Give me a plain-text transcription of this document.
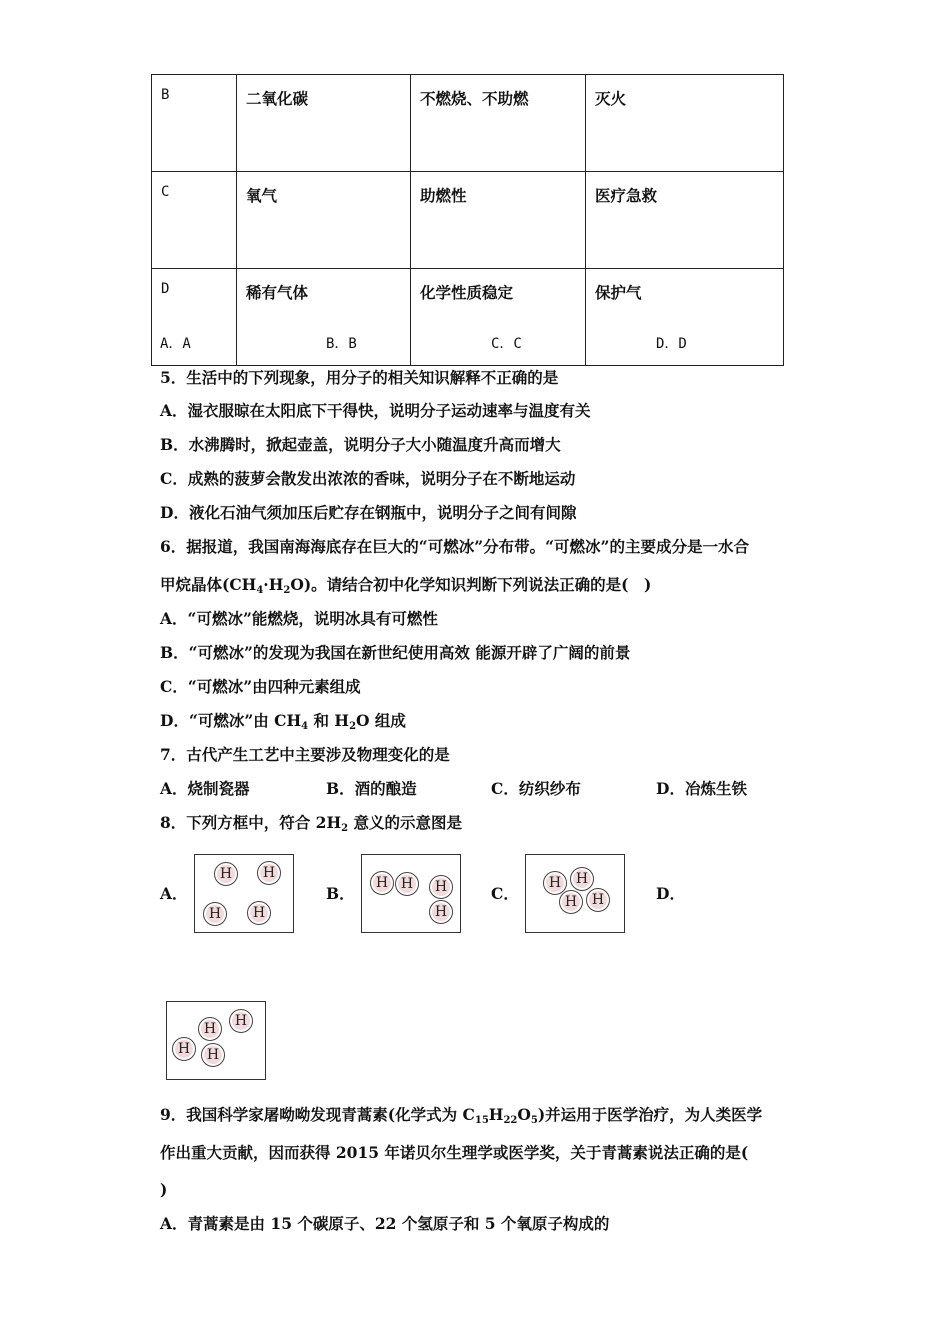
B	二氧化碳	不燃烧、不助燃	灭火
C	氧气	助燃性	医疗急救
D	稀有气体	化学性质稳定	保护气
A．A	B．B	C．C	D．D
5．生活中的下列现象，用分子的相关知识解释不正确的是
A．湿衣服晾在太阳底下干得快，说明分子运动速率与温度有关
B．水沸腾时，掀起壶盖，说明分子大小随温度升高而增大
C．成熟的菠萝会散发出浓浓的香味，说明分子在不断地运动
D．液化石油气须加压后贮存在钢瓶中，说明分子之间有间隙
6．据报道，我国南海海底存在巨大的“可燃冰”分布带。“可燃冰”的主要成分是一水合
甲烷晶体$(CH_4\cdot H_2O)$。请结合初中化学知识判断下列说法正确的是(　)
A．“可燃冰”能燃烧，说明冰具有可燃性
B．“可燃冰”的发现为我国在新世纪使用高效 能源开辟了广阔的前景
C．“可燃冰”由四种元素组成
D．“可燃冰”由 $CH_4$ 和 $H_2O$ 组成
7．古代产生工艺中主要涉及物理变化的是
A．烧制瓷器	B．酒的酿造	C．纺织纱布	D．冶炼生铁
8．下列方框中，符合 $2H_2$ 意义的示意图是
A．	B．	C．	D．
H	H
H	H
H H	H
H
H	H
H	H
H	H
H	H
9．我国科学家屠呦呦发现青蒿素(化学式为 $C_{15}H_{22}O_5$)并运用于医学治疗，为人类医学
作出重大贡献，因而获得 2015 年诺贝尔生理学或医学奖，关于青蒿素说法正确的是(
)
A．青蒿素是由 15 个碳原子、22 个氢原子和 5 个氧原子构成的
